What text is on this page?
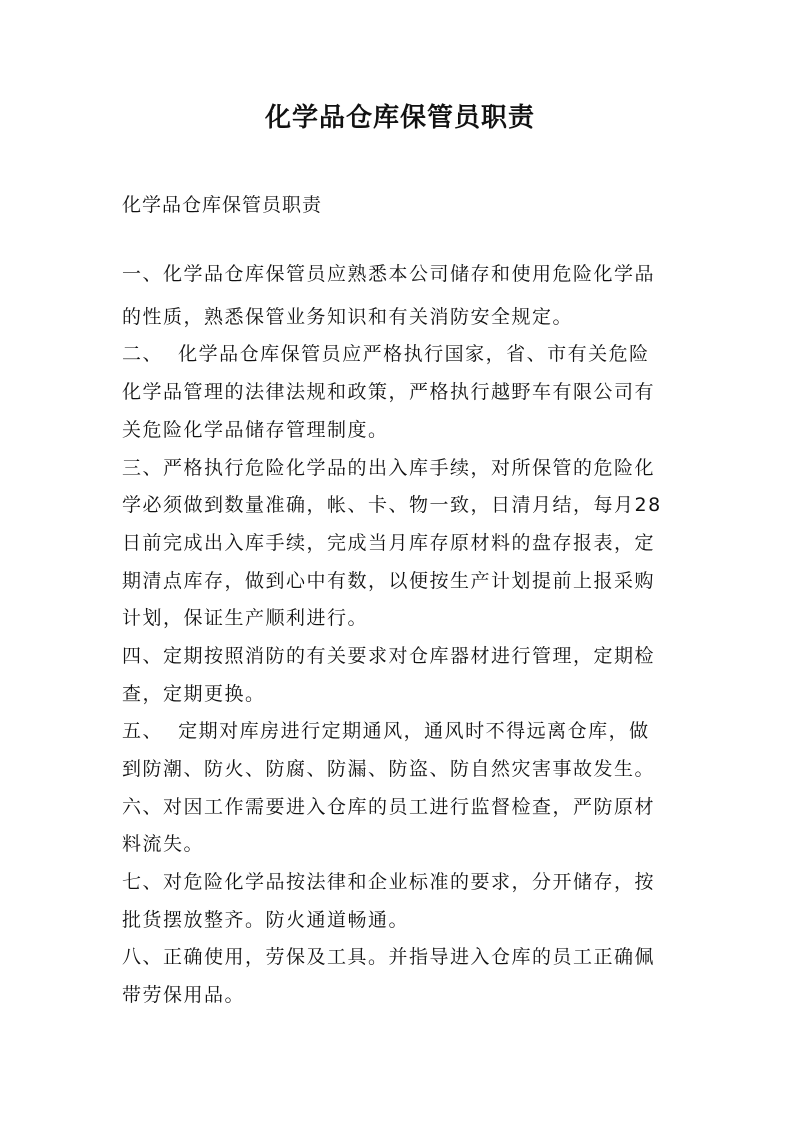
化学品仓库保管员职责
化学品仓库保管员职责
一、化学品仓库保管员应熟悉本公司储存和使用危险化学品
的性质，熟悉保管业务知识和有关消防安全规定。
二、  化学品仓库保管员应严格执行国家，省、市有关危险
化学品管理的法律法规和政策，严格执行越野车有限公司有
关危险化学品储存管理制度。
三、严格执行危险化学品的出入库手续，对所保管的危险化
学必须做到数量准确，帐、卡、物一致，日清月结，每月28
日前完成出入库手续，完成当月库存原材料的盘存报表，定
期清点库存，做到心中有数，以便按生产计划提前上报采购
计划，保证生产顺利进行。
四、定期按照消防的有关要求对仓库器材进行管理，定期检
查，定期更换。
五、  定期对库房进行定期通风，通风时不得远离仓库，做
到防潮、防火、防腐、防漏、防盗、防自然灾害事故发生。
六、对因工作需要进入仓库的员工进行监督检查，严防原材
料流失。
七、对危险化学品按法律和企业标准的要求，分开储存，按
批货摆放整齐。防火通道畅通。
八、正确使用，劳保及工具。并指导进入仓库的员工正确佩
带劳保用品。
